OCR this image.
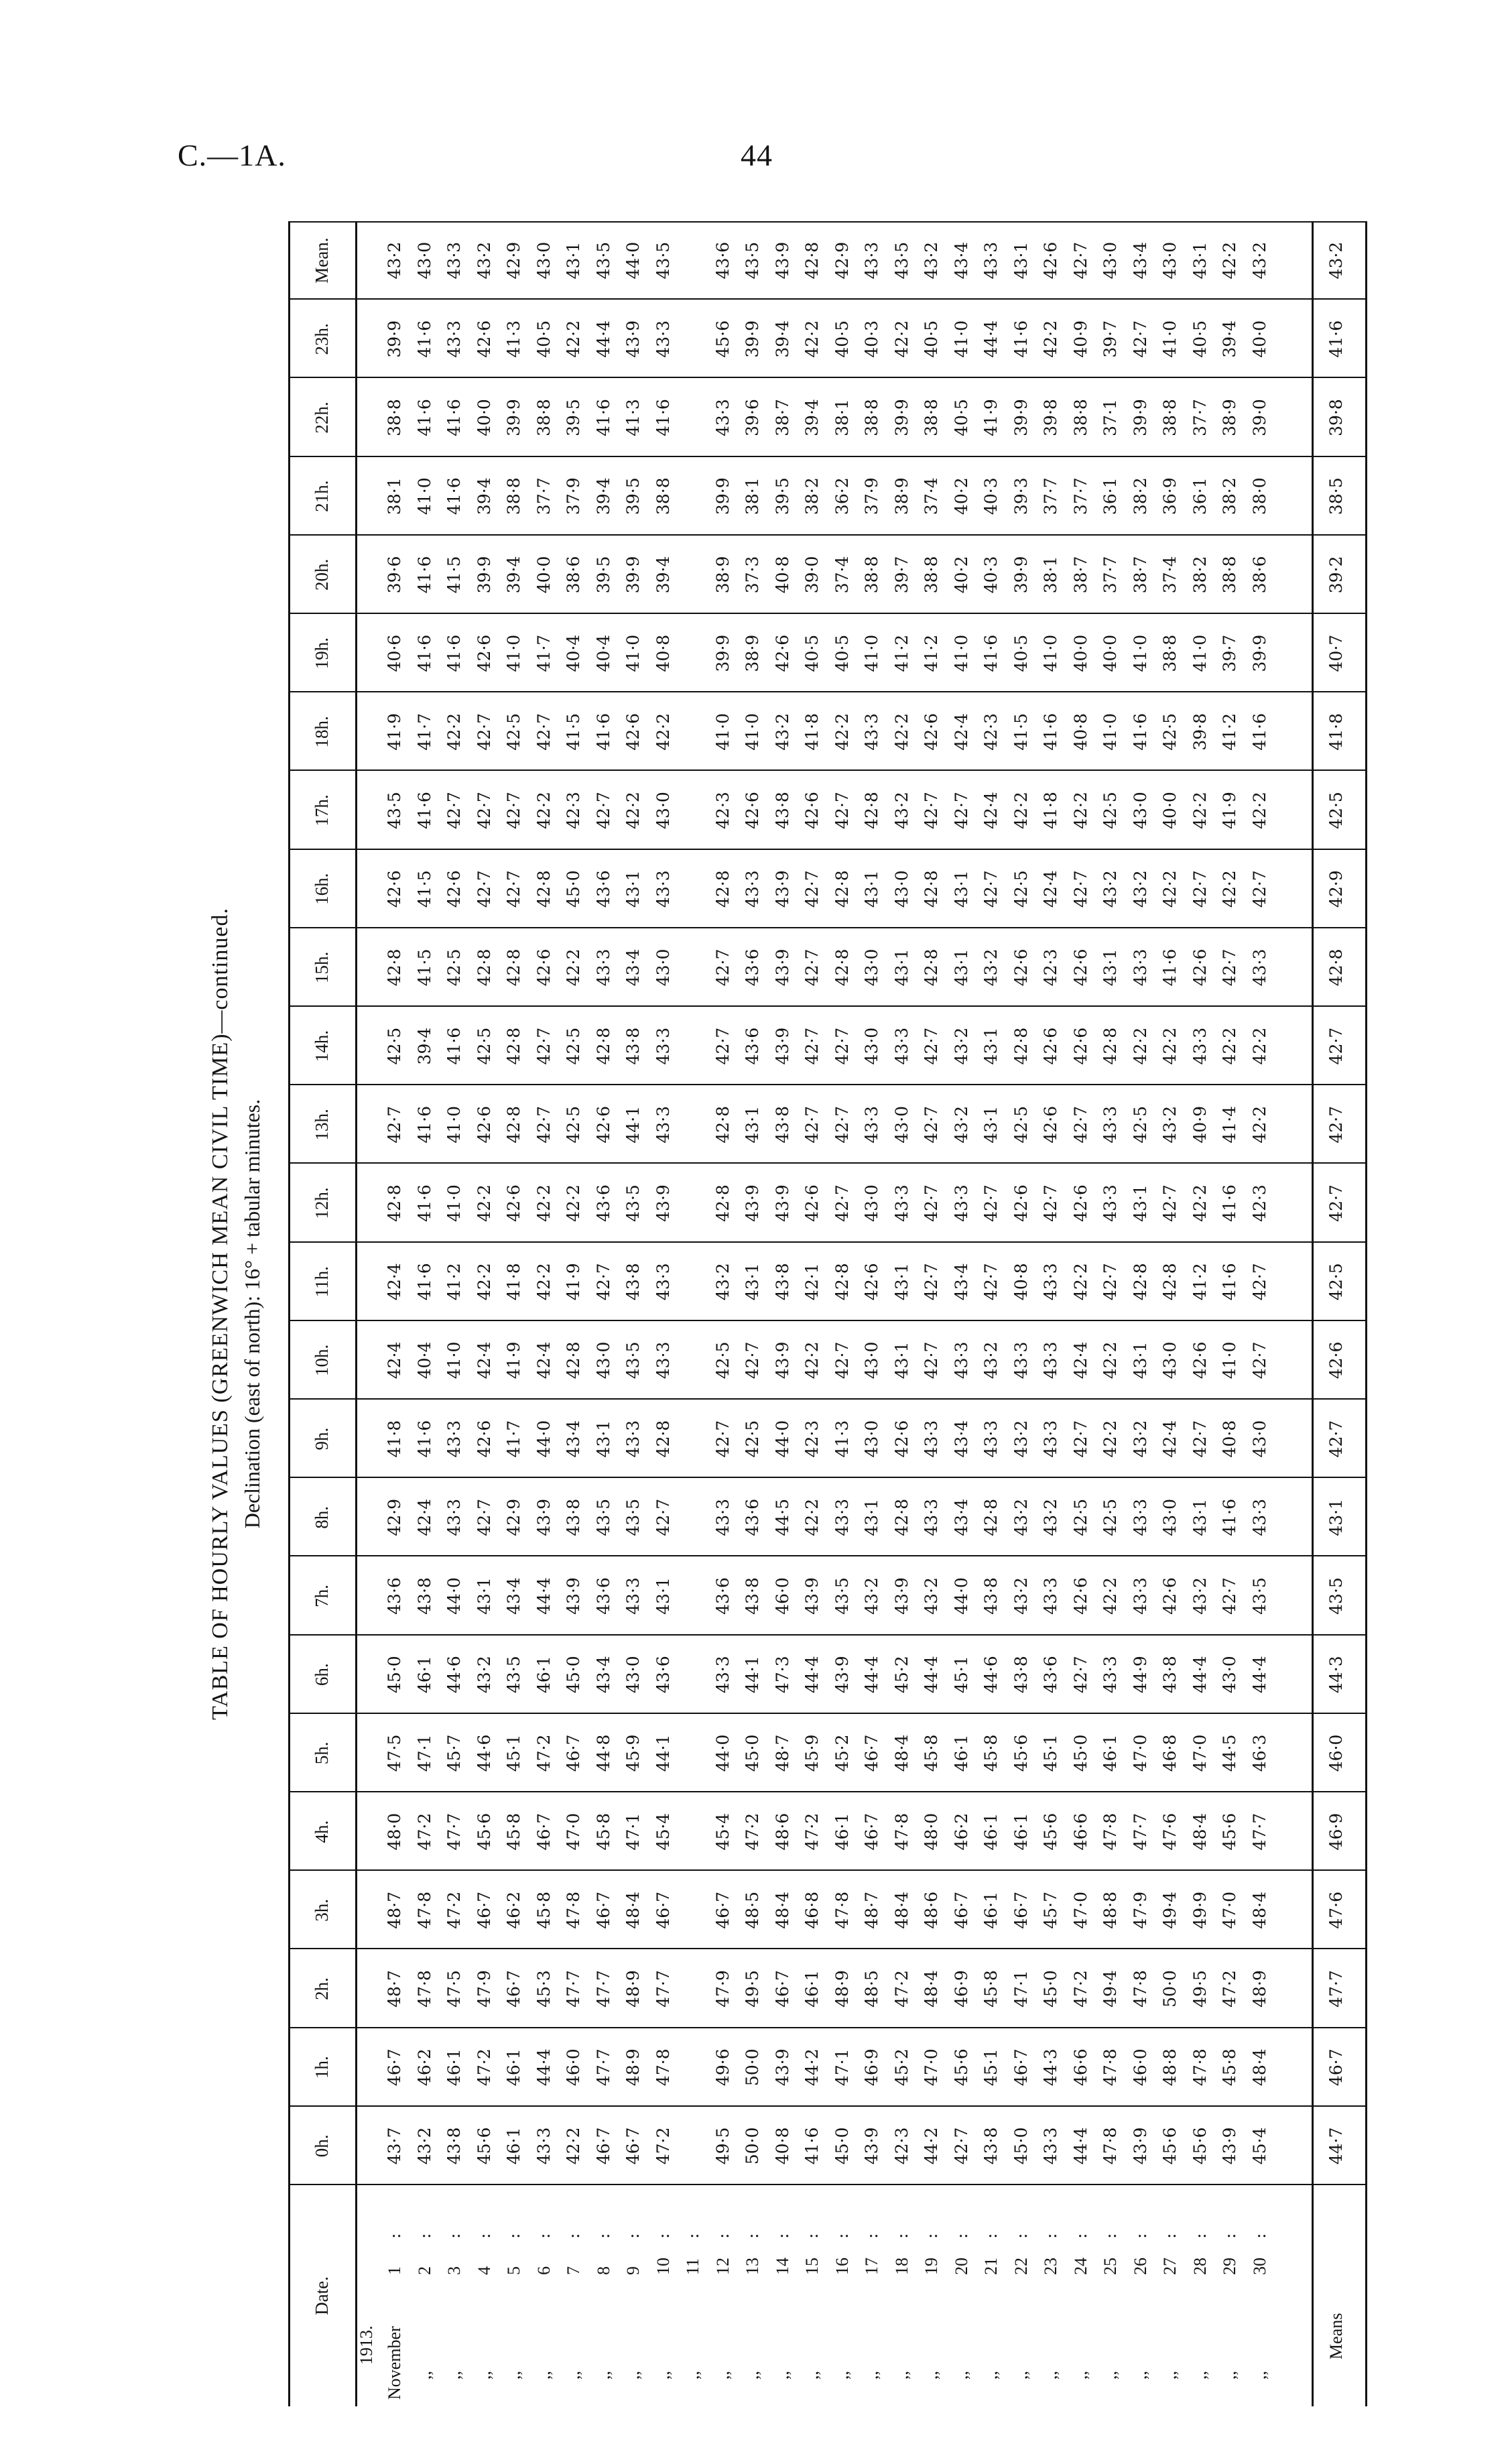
C.—1A.	44
TABLE OF HOURLY VALUES (GREENWICH MEAN CIVIL TIME)—continued. Declination (east of north): 16° + tabular minutes.
Date.
0h.
1h.
2h.
3h.
4h.
5h.
6h.
7h.
8h.
9h.
10h.
11h.
12h.
13h.
14h.
15h.
16h.
17h.
18h.
19h.
20h.
21h.
22h.
23h.
Mean.
1913. November
1
:
43·7
46·7
48·7
48·7
48·0
47·5
45·0
43·6
42·9
41·8
42·4
42·4
42·8
42·7
42·5
42·8
42·6
43·5
41·9
40·6
39·6
38·1
38·8
39·9
43·2
,,
2
:
43·2
46·2
47·8
47·8
47·2
47·1
46·1
43·8
42·4
41·6
40·4
41·6
41·6
41·6
39·4
41·5
41·5
41·6
41·7
41·6
41·6
41·0
41·6
41·6
43·0
,,
3
:
43·8
46·1
47·5
47·2
47·7
45·7
44·6
44·0
43·3
43·3
41·0
41·2
41·0
41·0
41·6
42·5
42·6
42·7
42·2
41·6
41·5
41·6
41·6
43·3
43·3
,,
4
:
45·6
47·2
47·9
46·7
45·6
44·6
43·2
43·1
42·7
42·6
42·4
42·2
42·2
42·6
42·5
42·8
42·7
42·7
42·7
42·6
39·9
39·4
40·0
42·6
43·2
,,
5
:
46·1
46·1
46·7
46·2
45·8
45·1
43·5
43·4
42·9
41·7
41·9
41·8
42·6
42·8
42·8
42·8
42·7
42·7
42·5
41·0
39·4
38·8
39·9
41·3
42·9
,,
6
:
43·3
44·4
45·3
45·8
46·7
47·2
46·1
44·4
43·9
44·0
42·4
42·2
42·2
42·7
42·7
42·6
42·8
42·2
42·7
41·7
40·0
37·7
38·8
40·5
43·0
,,
7
:
42·2
46·0
47·7
47·8
47·0
46·7
45·0
43·9
43·8
43·4
42·8
41·9
42·2
42·5
42·5
42·2
45·0
42·3
41·5
40·4
38·6
37·9
39·5
42·2
43·1
,,
8
:
46·7
47·7
47·7
46·7
45·8
44·8
43·4
43·6
43·5
43·1
43·0
42·7
43·6
42·6
42·8
43·3
43·6
42·7
41·6
40·4
39·5
39·4
41·6
44·4
43·5
,,
9
:
46·7
48·9
48·9
48·4
47·1
45·9
43·0
43·3
43·5
43·3
43·5
43·8
43·5
44·1
43·8
43·4
43·1
42·2
42·6
41·0
39·9
39·5
41·3
43·9
44·0
,,
10
:
47·2
47·8
47·7
46·7
45·4
44·1
43·6
43·1
42·7
42·8
43·3
43·3
43·9
43·3
43·3
43·0
43·3
43·0
42·2
40·8
39·4
38·8
41·6
43·3
43·5
,,
11
:
,,
12
:
49·5
49·6
47·9
46·7
45·4
44·0
43·3
43·6
43·3
42·7
42·5
43·2
42·8
42·8
42·7
42·7
42·8
42·3
41·0
39·9
38·9
39·9
43·3
45·6
43·6
,,
13
:
50·0
50·0
49·5
48·5
47·2
45·0
44·1
43·8
43·6
42·5
42·7
43·1
43·9
43·1
43·6
43·6
43·3
42·6
41·0
38·9
37·3
38·1
39·6
39·9
43·5
,,
14
:
40·8
43·9
46·7
48·4
48·6
48·7
47·3
46·0
44·5
44·0
43·9
43·8
43·9
43·8
43·9
43·9
43·9
43·8
43·2
42·6
40·8
39·5
38·7
39·4
43·9
,,
15
:
41·6
44·2
46·1
46·8
47·2
45·9
44·4
43·9
42·2
42·3
42·2
42·1
42·6
42·7
42·7
42·7
42·7
42·6
41·8
40·5
39·0
38·2
39·4
42·2
42·8
,,
16
:
45·0
47·1
48·9
47·8
46·1
45·2
43·9
43·5
43·3
41·3
42·7
42·8
42·7
42·7
42·7
42·8
42·8
42·7
42·2
40·5
37·4
36·2
38·1
40·5
42·9
,,
17
:
43·9
46·9
48·5
48·7
46·7
46·7
44·4
43·2
43·1
43·0
43·0
42·6
43·0
43·3
43·0
43·0
43·1
42·8
43·3
41·0
38·8
37·9
38·8
40·3
43·3
,,
18
:
42·3
45·2
47·2
48·4
47·8
48·4
45·2
43·9
42·8
42·6
43·1
43·1
43·3
43·0
43·3
43·1
43·0
43·2
42·2
41·2
39·7
38·9
39·9
42·2
43·5
,,
19
:
44·2
47·0
48·4
48·6
48·0
45·8
44·4
43·2
43·3
43·3
42·7
42·7
42·7
42·7
42·7
42·8
42·8
42·7
42·6
41·2
38·8
37·4
38·8
40·5
43·2
,,
20
:
42·7
45·6
46·9
46·7
46·2
46·1
45·1
44·0
43·4
43·4
43·3
43·4
43·3
43·2
43·2
43·1
43·1
42·7
42·4
41·0
40·2
40·2
40·5
41·0
43·4
,,
21
:
43·8
45·1
45·8
46·1
46·1
45·8
44·6
43·8
42·8
43·3
43·2
42·7
42·7
43·1
43·1
43·2
42·7
42·4
42·3
41·6
40·3
40·3
41·9
44·4
43·3
,,
22
:
45·0
46·7
47·1
46·7
46·1
45·6
43·8
43·2
43·2
43·2
43·3
40·8
42·6
42·5
42·8
42·6
42·5
42·2
41·5
40·5
39·9
39·3
39·9
41·6
43·1
,,
23
:
43·3
44·3
45·0
45·7
45·6
45·1
43·6
43·3
43·2
43·3
43·3
43·3
42·7
42·6
42·6
42·3
42·4
41·8
41·6
41·0
38·1
37·7
39·8
42·2
42·6
,,
24
:
44·4
46·6
47·2
47·0
46·6
45·0
42·7
42·6
42·5
42·7
42·4
42·2
42·6
42·7
42·6
42·6
42·7
42·2
40·8
40·0
38·7
37·7
38·8
40·9
42·7
,,
25
:
47·8
47·8
49·4
48·8
47·8
46·1
43·3
42·2
42·5
42·2
42·2
42·7
43·3
43·3
42·8
43·1
43·2
42·5
41·0
40·0
37·7
36·1
37·1
39·7
43·0
,,
26
:
43·9
46·0
47·8
47·9
47·7
47·0
44·9
43·3
43·3
43·2
43·1
42·8
43·1
42·5
42·2
43·3
43·2
43·0
41·6
41·0
38·7
38·2
39·9
42·7
43·4
,,
27
:
45·6
48·8
50·0
49·4
47·6
46·8
43·8
42·6
43·0
42·4
43·0
42·8
42·7
43·2
42·2
41·6
42·2
40·0
42·5
38·8
37·4
36·9
38·8
41·0
43·0
,,
28
:
45·6
47·8
49·5
49·9
48·4
47·0
44·4
43·2
43·1
42·7
42·6
41·2
42·2
40·9
43·3
42·6
42·7
42·2
39·8
41·0
38·2
36·1
37·7
40·5
43·1
,,
29
:
43·9
45·8
47·2
47·0
45·6
44·5
43·0
42·7
41·6
40·8
41·0
41·6
41·6
41·4
42·2
42·7
42·2
41·9
41·2
39·7
38·8
38·2
38·9
39·4
42·2
,,
30
:
45·4
48·4
48·9
48·4
47·7
46·3
44·4
43·5
43·3
43·0
42·7
42·7
42·3
42·2
42·2
43·3
42·7
42·2
41·6
39·9
38·6
38·0
39·0
40·0
43·2
Means
44·7
46·7
47·7
47·6
46·9
46·0
44·3
43·5
43·1
42·7
42·6
42·5
42·7
42·7
42·7
42·8
42·9
42·5
41·8
40·7
39·2
38·5
39·8
41·6
43·2
